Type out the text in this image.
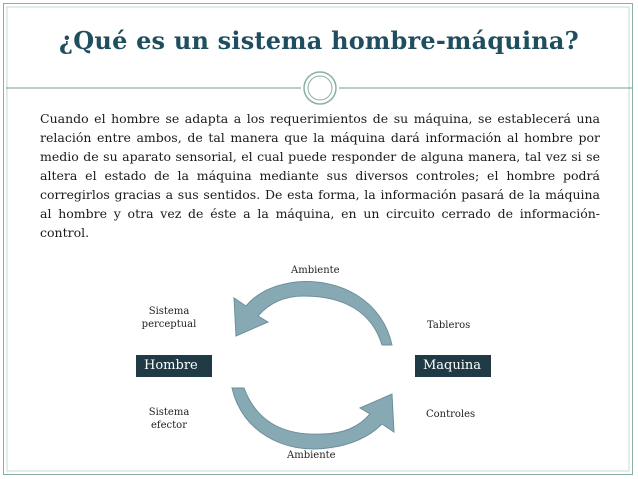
¿Qué es un sistema hombre-máquina?
Cuando el hombre se adapta a los requerimientos de su máquina, se establecerá una relación entre ambos, de tal manera que la máquina dará información al hombre por medio de su aparato sensorial, el cual puede responder de alguna manera, tal vez si se altera el estado de la máquina mediante sus diversos controles; el hombre podrá corregirlos gracias a sus sentidos. De esta forma, la información pasará de la máquina al hombre y otra vez de éste a la máquina, en un circuito cerrado de información-control.
Ambiente
Sistema
perceptual	Tableros
Hombre	Maquina
Sistema
efector
Controles
Ambiente
